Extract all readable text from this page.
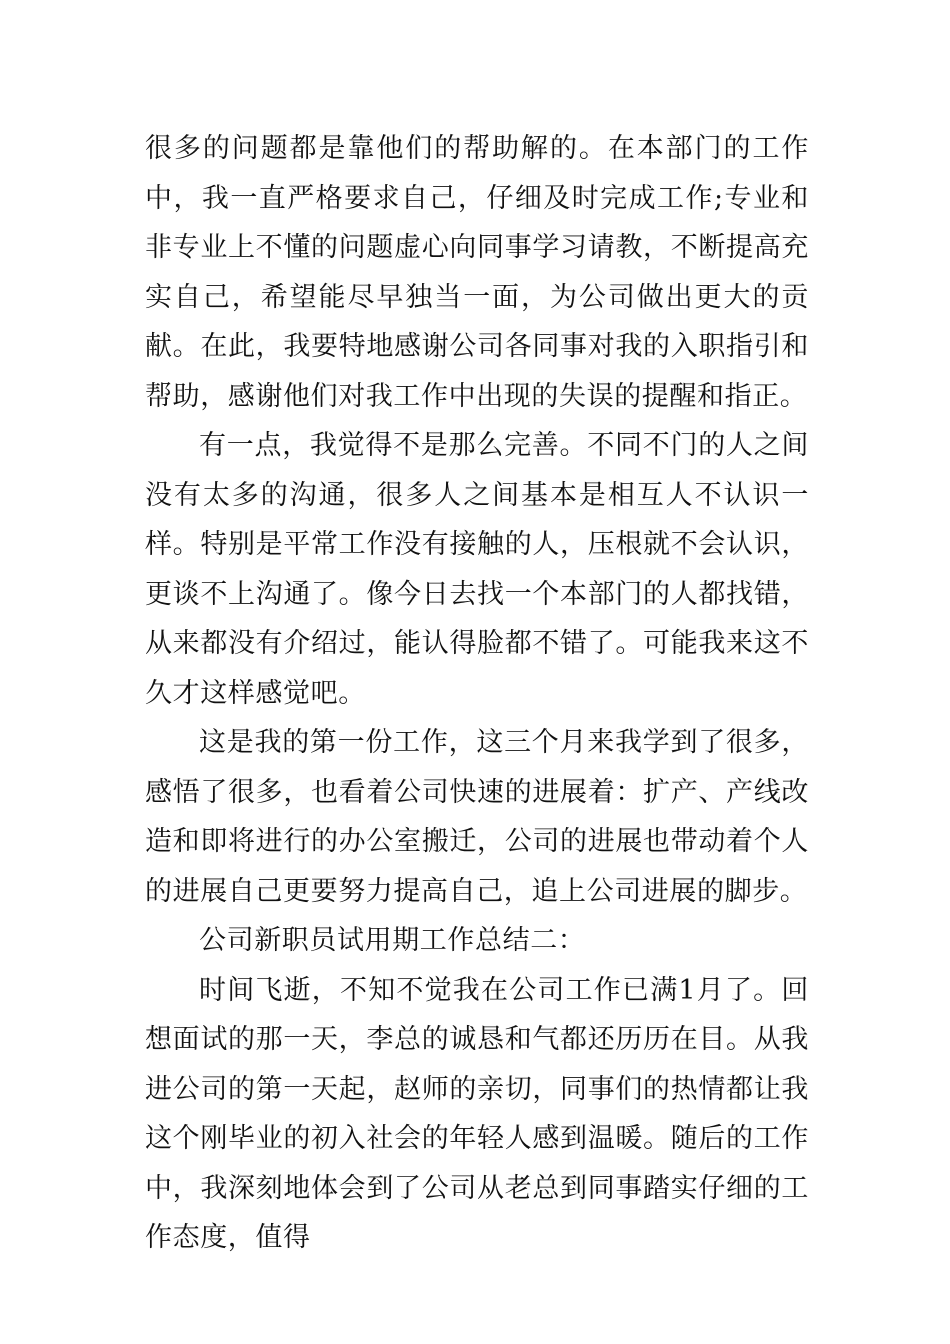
很多的问题都是靠他们的帮助解的。在本部门的工作中，我一直严格要求自己，仔细及时完成工作;专业和非专业上不懂的问题虚心向同事学习请教，不断提高充实自己，希望能尽早独当一面，为公司做出更大的贡献。在此，我要特地感谢公司各同事对我的入职指引和帮助，感谢他们对我工作中出现的失误的提醒和指正。

有一点，我觉得不是那么完善。不同不门的人之间没有太多的沟通，很多人之间基本是相互人不认识一样。特别是平常工作没有接触的人，压根就不会认识，更谈不上沟通了。像今日去找一个本部门的人都找错，从来都没有介绍过，能认得脸都不错了。可能我来这不久才这样感觉吧。

这是我的第一份工作，这三个月来我学到了很多，感悟了很多，也看着公司快速的进展着：扩产、产线改造和即将进行的办公室搬迁，公司的进展也带动着个人的进展自己更要努力提高自己，追上公司进展的脚步。

公司新职员试用期工作总结二：

时间飞逝，不知不觉我在公司工作已满1月了。回想面试的那一天，李总的诚恳和气都还历历在目。从我进公司的第一天起，赵师的亲切，同事们的热情都让我这个刚毕业的初入社会的年轻人感到温暖。随后的工作中，我深刻地体会到了公司从老总到同事踏实仔细的工作态度，值得
